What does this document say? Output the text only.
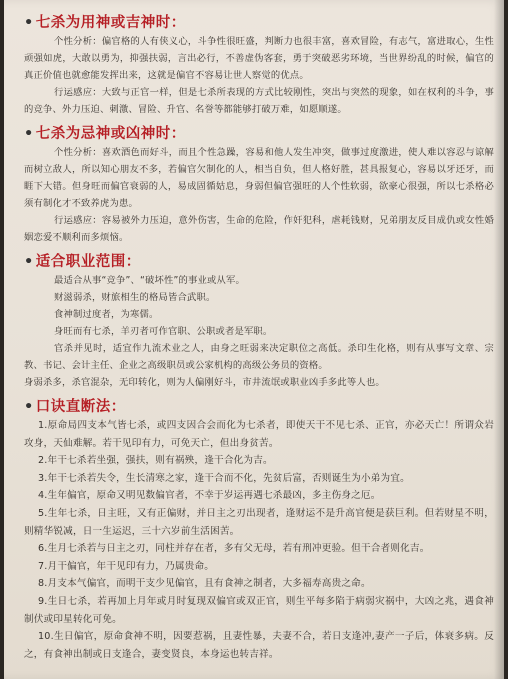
• 七杀为用神或吉神时：

个性分析：偏官格的人有侠义心，斗争性很旺盛，判断力也很丰富，喜欢冒险，有志气，富进取心，生性顽强如虎，大敢以勇为，抑强扶弱，言出必行，不善虚伪客套，勇于突破恶劣环境，当世界纷乱的时候，偏官的真正价值也就愈能发挥出来，这就是偏官不容易让世人察觉的优点。

行运感应：大致与正官一样，但是七杀所表现的方式比较刚性，突出与突然的现象，如在权利的斗争，事的竞争、外力压迫、刺激、冒险、升官、名誉等都能够打破万难，如愿顺遂。

• 七杀为忌神或凶神时：

个性分析：喜欢酒色而好斗，而且个性急躁，容易和他人发生冲突，做事过度激进，使人难以容忍与谅解而树立敌人，所以知心朋友不多，若偏官欠制化的人，相当自负，但人格好胜，甚具报复心，容易以牙还牙，而睚下大错。但身旺而偏官衰弱的人，易成固循姑息，身弱但偏官强旺的人个性软弱，欲豪心很强，所以七杀格必须有制化才不致养虎为患。

行运感应：容易被外力压迫，意外伤害，生命的危险，作奸犯科，虐耗钱财，兄弟朋友反目成仇或女性婚姻恋爱不顺利而多烦恼。

• 适合职业范围：

最适合从事“竞争”、“破坏性”的事业或从军。

财滋弱杀，财旅相生的格局皆合武职。

食神制过度者，为寒儒。

身旺而有七杀，羊刃者可作官职、公职或者是军职。

官杀并见时，适宜作九流术业之人，由身之旺弱来决定职位之高低。杀印生化格，则有从事写文章、宗教、书记、会计主任、企业之高级职员或公家机构的高级公务员的资格。

身弱杀多，杀官混杂，无印转化，则为人偏刚好斗，市井流氓或职业凶手多此等人也。

• 口诀直断法：

1.原命局四支本气皆七杀，或四支因合会而化为七杀者，即使天干不见七杀、正官，亦必天亡！所谓众岩攻身，天仙难解。若干见印有力，可免天亡，但出身贫苦。

2.年干七杀若坐强，强扶，则有祸殃，逢干合化为吉。

3.年干七杀若失令，生长清寒之家，逢干合而不化，先贫后富，否则诞生为小弟为宜。

4.生年偏官，原命又明见数偏官者，不幸于岁运再遇七杀最凶，多主伤身之厄。

5.生年七杀，日主旺，又有正偏财，并日主之刃出现者，逢财运不是升高官便是获巨利。但若财星不明，则精华锐减，日一生运迟，三十六岁前生活困苦。

6.生月七杀若与日主之刃，同柱并存在者，多有父无母，若有刑冲更验。但干合者则化吉。

7.月干偏官，年干见印有力，乃属贵命。

8.月支本气偏官，而明干支少见偏官，且有食神之制者，大多福寿高贵之命。

9.生日七杀，若再加上月年或月时复现双偏官或双正官，则生平每多陷于病弱灾祸中，大凶之兆，遇食神制伏或印星转化可免。

10.生日偏官，原命食神不明，因要惹祸，且妻性暴，夫妻不合，若日支逢冲,妻产一子后，体衰多病。反之，有食神出制或日支逢合，妻变贤良，本身运也转吉祥。
